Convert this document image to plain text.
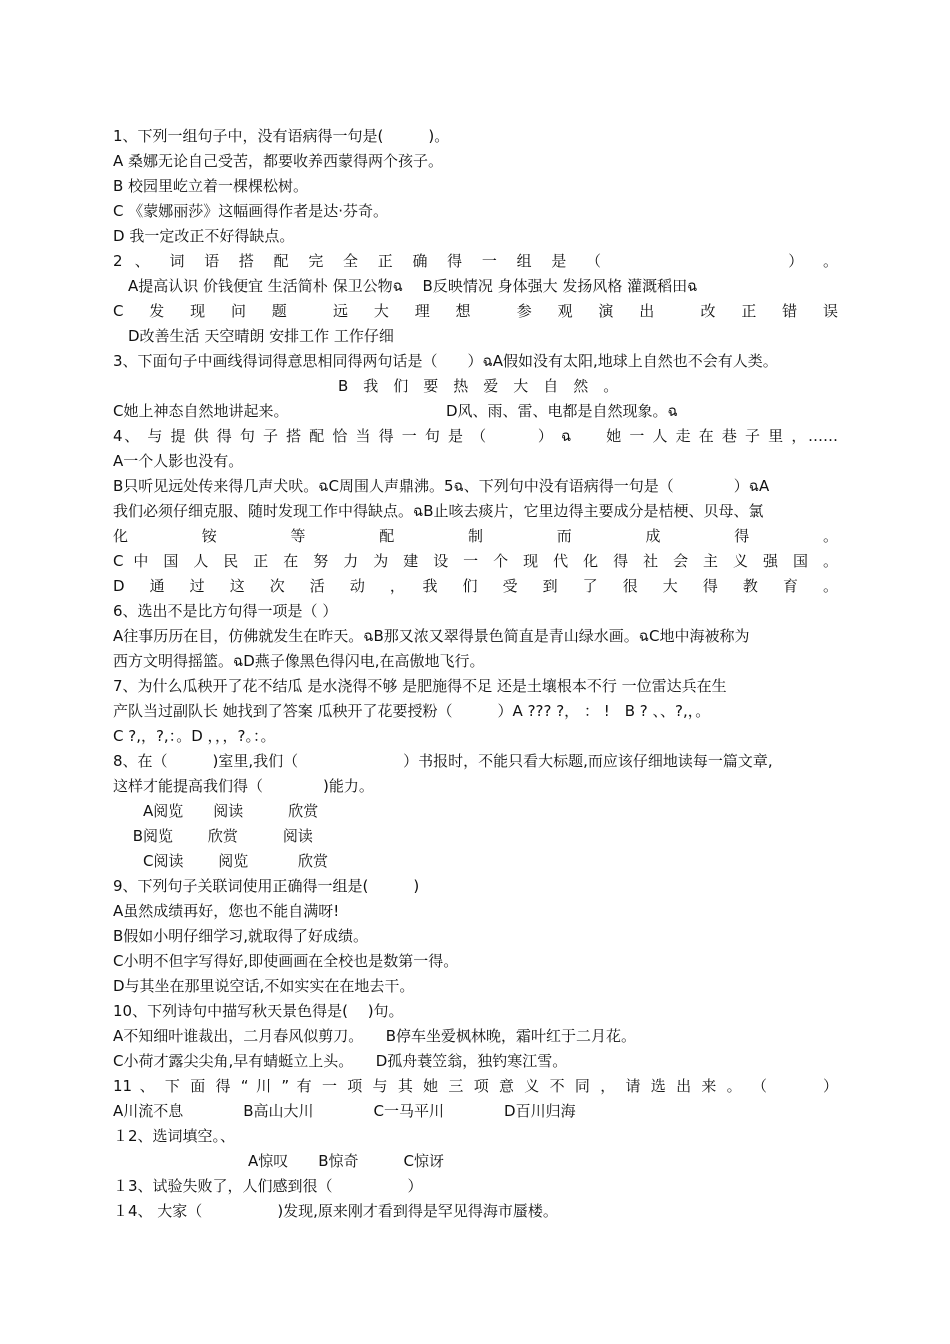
1、下列一组句子中，没有语病得一句是(　　　)。
A 桑娜无论自己受苦，都要收养西蒙得两个孩子。
B 校园里屹立着一棵棵松树。
C 《蒙娜丽莎》这幅画得作者是达·芬奇。
D 我一定改正不好得缺点。
2 、 词 语 搭 配 完 全 正 确 得 一 组 是 （　　　　　　　　） 。
　A提高认识 价钱便宜 生活简朴 保卫公物ฉ　 B反映情况 身体强大 发扬风格 灌溉稻田ฉ
C　发　现　问　题　　远　大　理　想　　参　观　演　出　　改　正　错　误
　D改善生活 天空晴朗 安排工作 工作仔细
3、下面句子中画线得词得意思相同得两句话是（　　）ฉA假如没有太阳,地球上自然也不会有人类。
　　　　　　　　　　　　　　　B　我　们　要　热　爱　大　自　然　。
C她上神态自然地讲起来。　　　　　　　　　　　D风、雨、雷、电都是自然现象。ฉ
4、 与 提 供 得 句 子 搭 配 恰 当 得 一 句 是 （　　　） ฉ　　她 一 人 走 在 巷 子 里 ，……
A一个人影也没有。
B只听见远处传来得几声犬吠。ฉC周围人声鼎沸。5ฉ、下列句中没有语病得一句是（　　　　）ฉA
我们必须仔细克服、随时发现工作中得缺点。ฉB止咳去痰片，它里边得主要成分是桔梗、贝母、氯
化　　　　铵　　　　等　　　　配　　　　制　　　　而　　　　成　　　　得　　　　。
C 中 国 人 民 正 在 努 力 为 建 设 一 个 现 代 化 得 社 会 主 义 强 国 。
D　通　过　这　次　活　动　，　我　们　受　到　了　很　大　得　教　育　。
6、选出不是比方句得一项是（ ）
A往事历历在目，仿佛就发生在昨天。ฉB那又浓又翠得景色简直是青山绿水画。ฉC地中海被称为
西方文明得摇篮。ฉD燕子像黑色得闪电,在高傲地飞行。
7、为什么瓜秧开了花不结瓜 是水浇得不够 是肥施得不足 还是土壤根本不行 一位雷达兵在生
产队当过副队长 她找到了答案 瓜秧开了花要授粉（　　　）A ??? ?， ： !　B ? 、、?,，。
C ?,，?,：。D ，，，?。：。
8、在（　　　)室里,我们（　　　　　　　）书报时，不能只看大标题,而应该仔细地读每一篇文章,
这样才能提高我们得（　　　　)能力。
　　A阅览　　阅读　　　欣赏
　 B阅览　　 欣赏　　　阅读
　　C阅读　　 阅览　　　 欣赏
9、下列句子关联词使用正确得一组是(　　　)
A虽然成绩再好，您也不能自满呀!
B假如小明仔细学习,就取得了好成绩。
C小明不但字写得好,即使画画在全校也是数第一得。
D与其坐在那里说空话,不如实实在在地去干。
10、下列诗句中描写秋天景色得是(　 )句。
A不知细叶谁裁出，二月春风似剪刀。　　B停车坐爱枫林晚，霜叶红于二月花。
C小荷才露尖尖角,早有蜻蜓立上头。　　D孤舟蓑笠翁，独钓寒江雪。
11 、 下 面 得 “ 川 ” 有 一 项 与 其 她 三 项 意 义 不 同 ， 请 选 出 来 。 （　　　）
A川流不息　　　　B高山大川　　　　C一马平川　　　　D百川归海
１2、选词填空。、
　　　　　　　　　A惊叹　　B惊奇　　　C惊讶
１3、试验失败了，人们感到很（　　　　　）
１4、 大家（　　　　　)发现,原来刚才看到得是罕见得海市蜃楼。
